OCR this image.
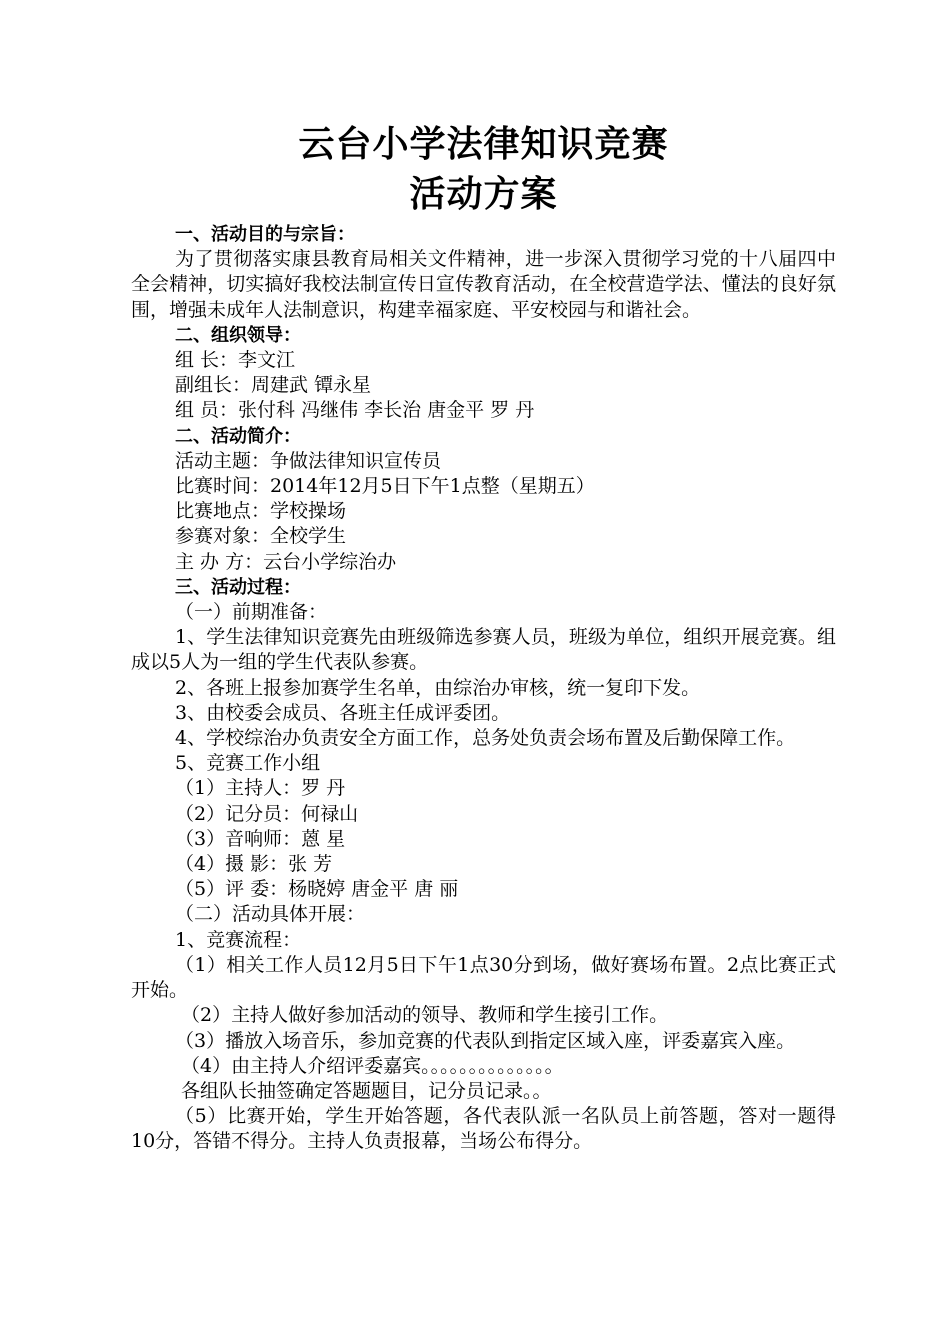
云台小学法律知识竞赛
活动方案

一、活动目的与宗旨：

为了贯彻落实康县教育局相关文件精神，进一步深入贯彻学习党的十八届四中全会精神，切实搞好我校法制宣传日宣传教育活动，在全校营造学法、懂法的良好氛围，增强未成年人法制意识，构建幸福家庭、平安校园与和谐社会。

二、组织领导：

组 长：李文江

副组长：周建武 镡永星

组 员：张付科 冯继伟 李长治 唐金平 罗 丹

二、活动简介：

活动主题：争做法律知识宣传员

比赛时间：2014年12月5日下午1点整（星期五）

比赛地点：学校操场

参赛对象：全校学生

主 办 方：云台小学综治办

三、活动过程：

（一）前期准备：

1、学生法律知识竞赛先由班级筛选参赛人员，班级为单位，组织开展竞赛。组成以5人为一组的学生代表队参赛。

2、各班上报参加赛学生名单，由综治办审核，统一复印下发。

3、由校委会成员、各班主任成评委团。

4、学校综治办负责安全方面工作，总务处负责会场布置及后勤保障工作。

5、竞赛工作小组

（1）主持人：罗 丹

（2）记分员：何禄山

（3）音响师：蒽 星

（4）摄 影：张 芳

（5）评 委：杨晓婷 唐金平 唐 丽

（二）活动具体开展：

1、竞赛流程：

（1）相关工作人员12月5日下午1点30分到场，做好赛场布置。2点比赛正式开始。

（2）主持人做好参加活动的领导、教师和学生接引工作。

（3）播放入场音乐，参加竞赛的代表队到指定区域入座，评委嘉宾入座。

（4）由主持人介绍评委嘉宾。。。。。。。。。。。。。。

各组队长抽签确定答题题目，记分员记录。。

（5）比赛开始，学生开始答题，各代表队派一名队员上前答题，答对一题得10分，答错不得分。主持人负责报幕，当场公布得分。
